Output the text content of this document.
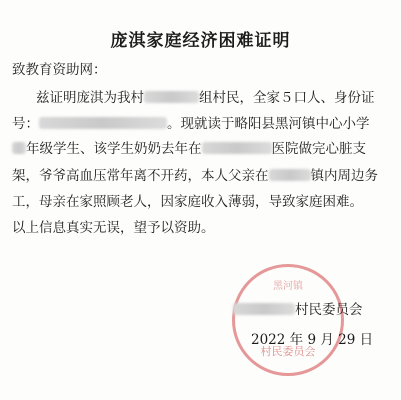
庞淇家庭经济困难证明
致教育资助网：
兹证明庞淇为我村	组村民，全家５口人、身份证
号：	。现就读于略阳县黑河镇中心小学
年级学生、该学生奶奶去年在	医院做完心脏支
架，爷爷高血压常年离不开药，本人父亲在	镇内周边务
工，母亲在家照顾老人，因家庭收入薄弱，导致家庭困难。
以上信息真实无误，望予以资助。
黑河镇
村民委员会
村民委员会
2022 年 9 月 29 日
